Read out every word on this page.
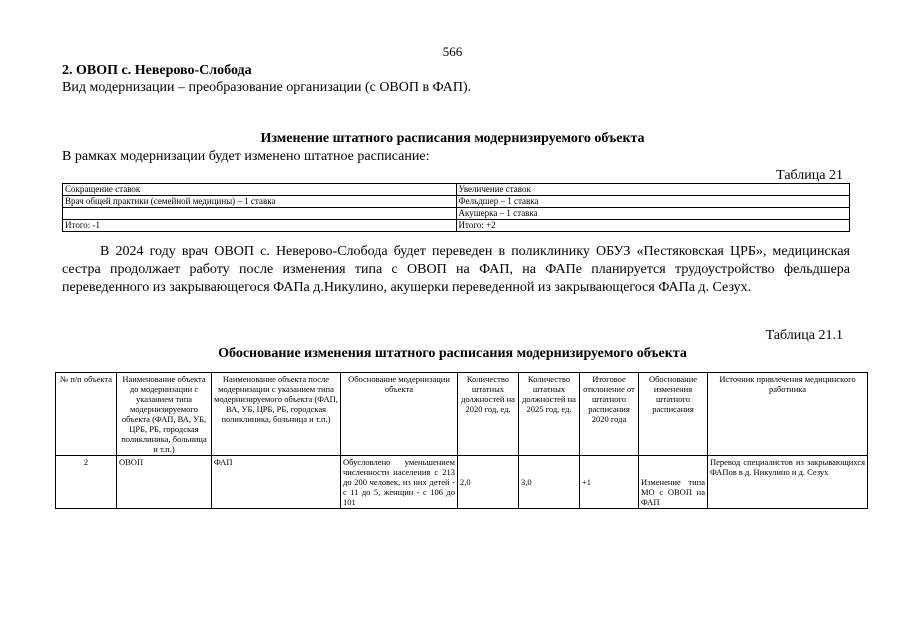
566
2. ОВОП с. Неверово-Слобода
Вид модернизации – преобразование организации (с ОВОП в ФАП).
Изменение штатного расписания модернизируемого объекта
В рамках модернизации будет изменено штатное расписание:
Таблица 21
Сокращение ставок	Увеличение ставок
Врач общей практики (семейной медицины) – 1 ставка	Фельдшер – 1 ставка
	Акушерка – 1 ставка
Итого: -1	Итого: +2
В 2024 году врач ОВОП с. Неверово-Слобода будет переведен в поликлинику ОБУЗ «Пестяковская ЦРБ», медицинская сестра продолжает работу после изменения типа с ОВОП на ФАП, на ФАПе планируется трудоустройство фельдшера переведенного из закрывающегося ФАПа д.Никулино, акушерки переведенной из закрывающегося ФАПа д. Сезух.
Таблица 21.1
Обоснование изменения штатного расписания модернизируемого объекта
№ п/п объекта	Наименование объекта до модернизации с указанием типа модернизируемого объекта (ФАП, ВА, УБ, ЦРБ, РБ, городская поликлиника, больница и т.п.)	Наименование объекта после модернизации с указанием типа модернизируемого объекта (ФАП, ВА, УБ, ЦРБ, РБ, городская поликлиника, больница и т.п.)	Обоснование модернизации объекта	Количество штатных должностей на 2020 год, ед.	Количество штатных должностей на 2025 год, ед.	Итоговое отклонение от штатного расписания 2020 года	Обоснование изменения штатного расписания	Источник привлечения медицинского работника
2	ОВОП	ФАП	Обусловлено уменьшением численности населения с 213 до 200 человек, из них детей - с 11 до 5, женщин - с 106 до 101	2,0	3,0	+1	Изменение типа МО с ОВОП на ФАП	Перевод специалистов из закрывающихся ФАПов в д. Никулино и д. Сезух
